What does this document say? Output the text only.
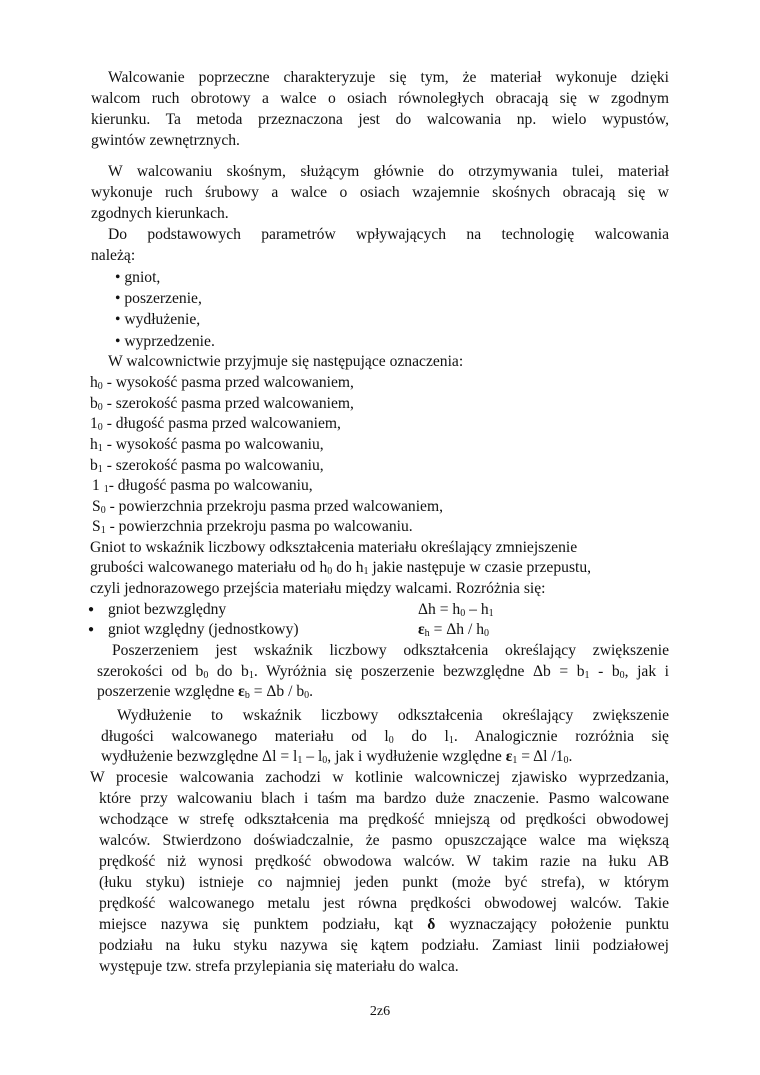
Walcowanie poprzeczne charakteryzuje się tym, że materiał wykonuje dzięki
walcom ruch obrotowy a walce o osiach równoległych obracają się w zgodnym
kierunku. Ta metoda przeznaczona jest do walcowania np. wielo wypustów,
gwintów zewnętrznych.
W walcowaniu skośnym, służącym głównie do otrzymywania tulei, materiał
wykonuje ruch śrubowy a walce o osiach wzajemnie skośnych obracają się w
zgodnych kierunkach.
Do podstawowych parametrów wpływających na technologię walcowania
należą:
• gniot,
• poszerzenie,
• wydłużenie,
• wyprzedzenie.
W walcownictwie przyjmuje się następujące oznaczenia:
$h_0$ - wysokość pasma przed walcowaniem,
$b_0$ - szerokość pasma przed walcowaniem,
$1_0$ - długość pasma przed walcowaniem,
$h_1$ - wysokość pasma po walcowaniu,
$b_1$ - szerokość pasma po walcowaniu,
1 $_1$- długość pasma po walcowaniu,
$S_0$ - powierzchnia przekroju pasma przed walcowaniem,
$S_1$ - powierzchnia przekroju pasma po walcowaniu.
Gniot to wskaźnik liczbowy odkształcenia materiału określający zmniejszenie
grubości walcowanego materiału od $h_0$ do $h_1$ jakie następuje w czasie przepustu,
czyli jednorazowego przejścia materiału między walcami. Rozróżnia się:
gniot bezwzględny
●	$\Delta h = h_0 - h_1$
gniot względny (jednostkowy)
●	$\varepsilon_h = \Delta h / h_0$
Poszerzeniem jest wskaźnik liczbowy odkształcenia określający zwiększenie
szerokości od $b_0$ do $b_1$. Wyróżnia się poszerzenie bezwzględne $\Delta b = b_1 - b_0$, jak i
poszerzenie względne $\varepsilon_b = \Delta b / b_0$.
Wydłużenie to wskaźnik liczbowy odkształcenia określający zwiększenie
długości walcowanego materiału od $l_0$ do $l_1$. Analogicznie rozróżnia się
wydłużenie bezwzględne $\Delta l = l_1 - l_0$, jak i wydłużenie względne $\varepsilon_1 = \Delta l$ $/1_0$.
W procesie walcowania zachodzi w kotlinie walcowniczej zjawisko wyprzedzania,
które przy walcowaniu blach i taśm ma bardzo duże znaczenie. Pasmo walcowane
wchodzące w strefę odkształcenia ma prędkość mniejszą od prędkości obwodowej
walców. Stwierdzono doświadczalnie, że pasmo opuszczające walce ma większą
prędkość niż wynosi prędkość obwodowa walców. W takim razie na łuku AB
(łuku styku) istnieje co najmniej jeden punkt (może być strefa), w którym
prędkość walcowanego metalu jest równa prędkości obwodowej walców. Takie
miejsce nazywa się punktem podziału, kąt δ wyznaczający położenie punktu
podziału na łuku styku nazywa się kątem podziału. Zamiast linii podziałowej
występuje tzw. strefa przylepiania się materiału do walca.
2z6
